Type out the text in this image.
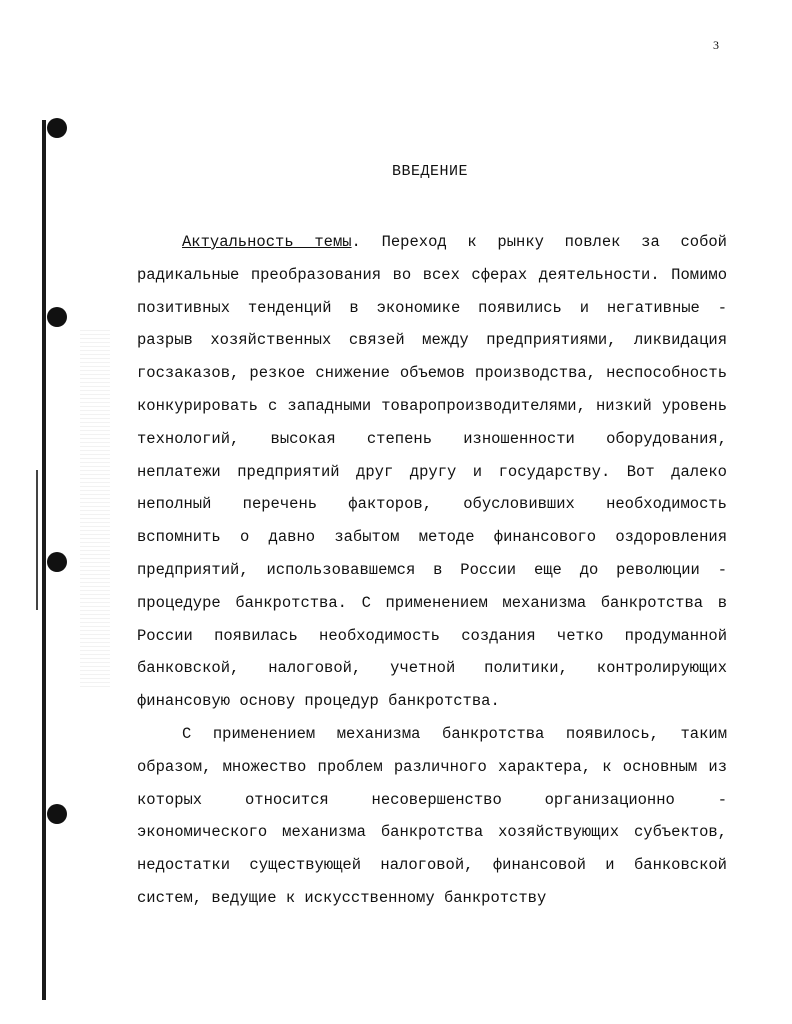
3
ВВЕДЕНИЕ

Актуальность темы. Переход к рынку повлек за собой радикальные преобразования во всех сферах деятельности. Помимо позитивных тенденций в экономике появились и негативные - разрыв хозяйственных связей между предприятиями, ликвидация госзаказов, резкое снижение объемов производства, неспособность конкурировать с западными товаропроизводителями, низкий уровень технологий, высокая степень изношенности оборудования, неплатежи предприятий друг другу и государству. Вот далеко неполный перечень факторов, обусловивших необходимость вспомнить о давно забытом методе финансового оздоровления предприятий, использовавшемся в России еще до революции - процедуре банкротства. С применением механизма банкротства в России появилась необходимость создания четко продуманной банковской, налоговой, учетной политики, контролирующих финансовую основу процедур банкротства.

С применением механизма банкротства появилось, таким образом, множество проблем различного характера, к основным из которых относится несовершенство организационно - экономического механизма банкротства хозяйствующих субъектов, недостатки существующей налоговой, финансовой и банковской систем, ведущие к искусственному банкротству
